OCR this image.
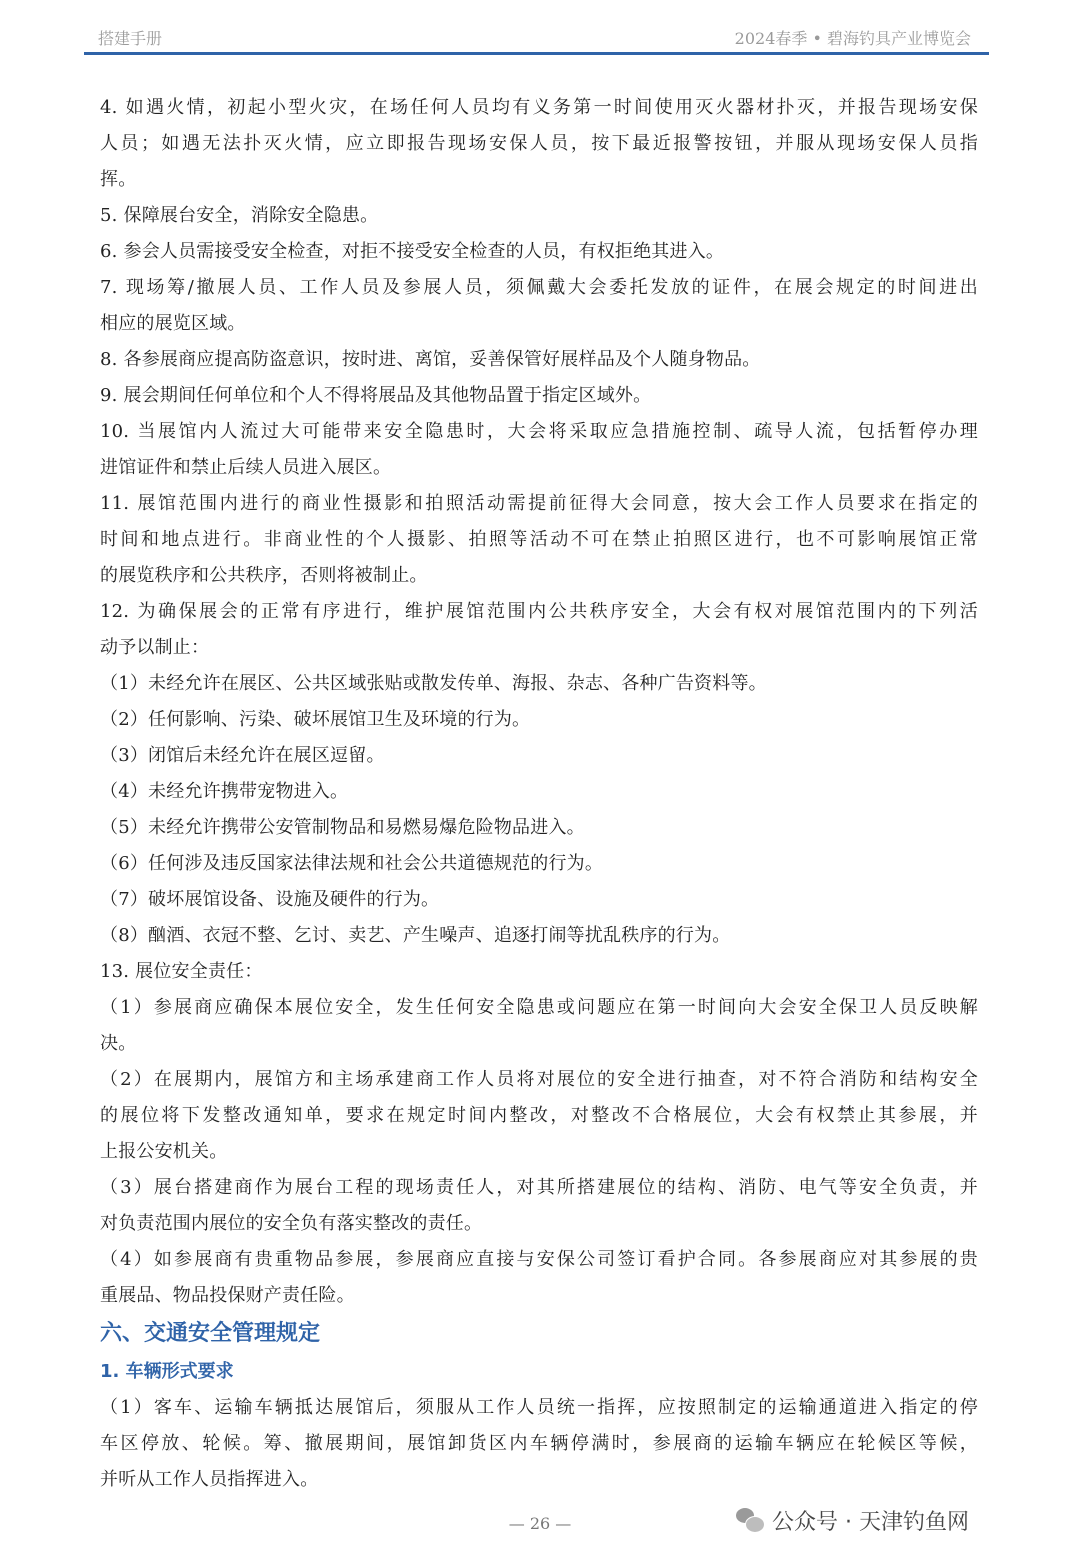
搭建手册	2024春季 • 碧海钓具产业博览会
4. 如遇火情，初起小型火灾，在场任何人员均有义务第一时间使用灭火器材扑灭，并报告现场安保
人员；如遇无法扑灭火情，应立即报告现场安保人员，按下最近报警按钮，并服从现场安保人员指
挥。
5. 保障展台安全，消除安全隐患。
6. 参会人员需接受安全检查，对拒不接受安全检查的人员，有权拒绝其进入。
7. 现场筹/撤展人员、工作人员及参展人员，须佩戴大会委托发放的证件，在展会规定的时间进出
相应的展览区域。
8. 各参展商应提高防盗意识，按时进、离馆，妥善保管好展样品及个人随身物品。
9. 展会期间任何单位和个人不得将展品及其他物品置于指定区域外。
10. 当展馆内人流过大可能带来安全隐患时，大会将采取应急措施控制、疏导人流，包括暂停办理
进馆证件和禁止后续人员进入展区。
11. 展馆范围内进行的商业性摄影和拍照活动需提前征得大会同意，按大会工作人员要求在指定的
时间和地点进行。非商业性的个人摄影、拍照等活动不可在禁止拍照区进行，也不可影响展馆正常
的展览秩序和公共秩序，否则将被制止。
12. 为确保展会的正常有序进行，维护展馆范围内公共秩序安全，大会有权对展馆范围内的下列活
动予以制止：
（1）未经允许在展区、公共区域张贴或散发传单、海报、杂志、各种广告资料等。
（2）任何影响、污染、破坏展馆卫生及环境的行为。
（3）闭馆后未经允许在展区逗留。
（4）未经允许携带宠物进入。
（5）未经允许携带公安管制物品和易燃易爆危险物品进入。
（6）任何涉及违反国家法律法规和社会公共道德规范的行为。
（7）破坏展馆设备、设施及硬件的行为。
（8）酗酒、衣冠不整、乞讨、卖艺、产生噪声、追逐打闹等扰乱秩序的行为。
13. 展位安全责任：
（1）参展商应确保本展位安全，发生任何安全隐患或问题应在第一时间向大会安全保卫人员反映解
决。
（2）在展期内，展馆方和主场承建商工作人员将对展位的安全进行抽查，对不符合消防和结构安全
的展位将下发整改通知单，要求在规定时间内整改，对整改不合格展位，大会有权禁止其参展，并
上报公安机关。
（3）展台搭建商作为展台工程的现场责任人，对其所搭建展位的结构、消防、电气等安全负责，并
对负责范围内展位的安全负有落实整改的责任。
（4）如参展商有贵重物品参展，参展商应直接与安保公司签订看护合同。各参展商应对其参展的贵
重展品、物品投保财产责任险。
六、交通安全管理规定
1. 车辆形式要求
（1）客车、运输车辆抵达展馆后，须服从工作人员统一指挥，应按照制定的运输通道进入指定的停
车区停放、轮候。筹、撤展期间，展馆卸货区内车辆停满时，参展商的运输车辆应在轮候区等候，
并听从工作人员指挥进入。
— 26 —	公众号 · 天津钓鱼网
